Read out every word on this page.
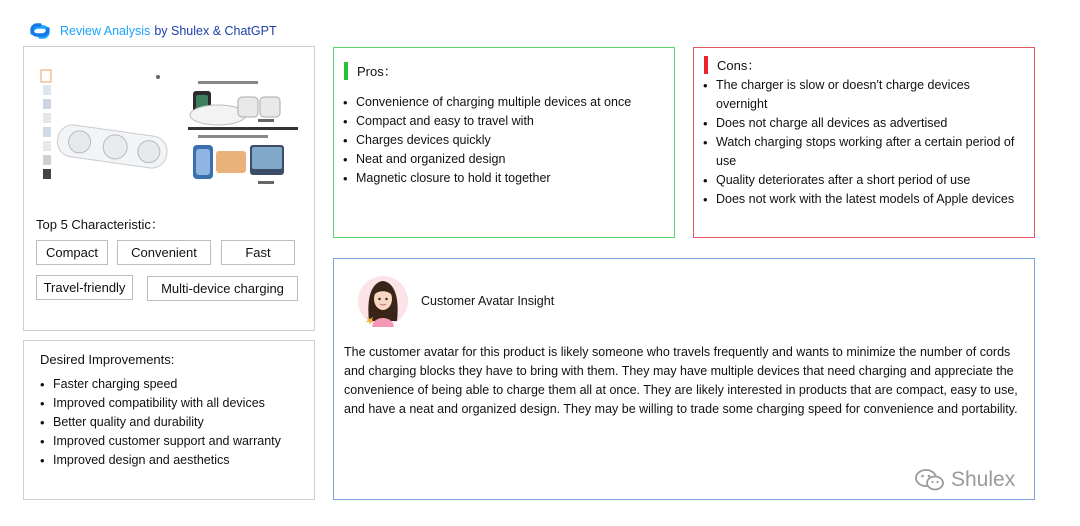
Review Analysis by Shulex & ChatGPT
Top 5 Characteristic：
Compact	Convenient	Fast
Travel-friendly	Multi-device charging
Desired Improvements:
• Faster charging speed
• Improved compatibility with all devices
• Better quality and durability
• Improved customer support and warranty
• Improved design and aesthetics
Pros：
• Convenience of charging multiple devices at once
• Compact and easy to travel with
• Charges devices quickly
• Neat and organized design
• Magnetic closure to hold it together
Cons：
• The charger is slow or doesn't charge devices overnight
• Does not charge all devices as advertised
• Watch charging stops working after a certain period of use
• Quality deteriorates after a short period of use
• Does not work with the latest models of Apple devices
Customer Avatar Insight
The customer avatar for this product is likely someone who travels frequently and wants to minimize the number of cords and charging blocks they have to bring with them. They may have multiple devices that need charging and appreciate the convenience of being able to charge them all at once. They are likely interested in products that are compact, easy to use, and have a neat and organized design. They may be willing to trade some charging speed for convenience and portability.
Shulex
